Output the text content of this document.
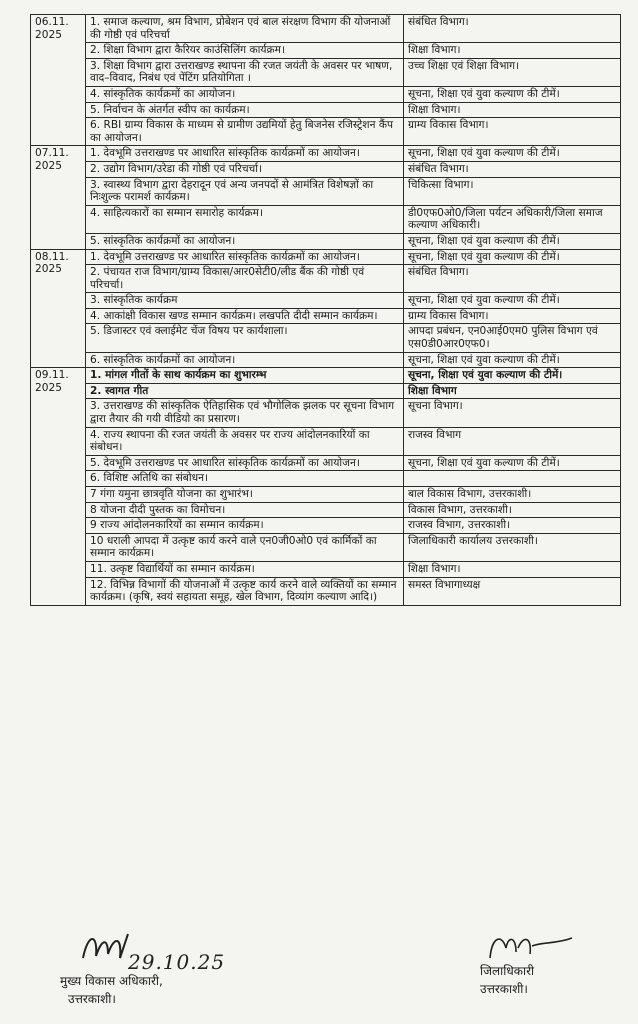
06.11.
2025	1. समाज कल्याण, श्रम विभाग, प्रोबेशन एवं बाल संरक्षण विभाग की योजनाओं की गोष्ठी एवं परिचर्चा	संबंधित विभाग।
	2. शिक्षा विभाग द्वारा कैरियर काउंसिलिंग कार्यक्रम।	शिक्षा विभाग।
	3. शिक्षा विभाग द्वारा उत्तराखण्ड स्थापना की रजत जयंती के अवसर पर भाषण, वाद–विवाद, निबंध एवं पेंटिंग प्रतियोगिता ।	उच्च शिक्षा एवं शिक्षा विभाग।
	4. सांस्कृतिक कार्यक्रमों का आयोजन।	सूचना, शिक्षा एवं युवा कल्याण की टीमें।
	5. निर्वाचन के अंतर्गत स्वीप का कार्यक्रम।	शिक्षा विभाग।
	6. RBI ग्राम्य विकास के माध्यम से ग्रामीण उद्यमियों हेतु बिजनेस रजिस्ट्रेशन कैंप का आयोजन।	ग्राम्य विकास विभाग।
07.11.
2025	1. देवभूमि उत्तराखण्ड पर आधारित सांस्कृतिक कार्यक्रमों का आयोजन।	सूचना, शिक्षा एवं युवा कल्याण की टीमें।
	2. उद्योग विभाग/उरेडा की गोष्ठी एवं परिचर्चा।	संबंधित विभाग।
	3. स्वास्थ्य विभाग द्वारा देहरादून एवं अन्य जनपदों से आमंत्रित विशेषज्ञों का निःशुल्क परामर्श कार्यक्रम।	चिकित्सा विभाग।
	4. साहित्यकारों का सम्मान समारोह कार्यक्रम।	डी0एफ0ओ0/जिला पर्यटन अधिकारी/जिला समाज कल्याण अधिकारी।
	5. सांस्कृतिक कार्यक्रमों का आयोजन।	सूचना, शिक्षा एवं युवा कल्याण की टीमें।
08.11.
2025	1. देवभूमि उत्तराखण्ड पर आधारित सांस्कृतिक कार्यक्रमों का आयोजन।	सूचना, शिक्षा एवं युवा कल्याण की टीमें।
	2. पंचायत राज विभाग/ग्राम्य विकास/आर0सेटी0/लीड बैंक की गोष्ठी एवं परिचर्चा।	संबंधित विभाग।
	3. सांस्कृतिक कार्यक्रम	सूचना, शिक्षा एवं युवा कल्याण की टीमें।
	4. आकांक्षी विकास खण्ड सम्मान कार्यक्रम। लखपति दीदी सम्मान कार्यक्रम।	ग्राम्य विकास विभाग।
	5. डिजास्टर एवं क्लाईमेट चेंज विषय पर कार्यशाला।	आपदा प्रबंधन, एन0आई0एम0 पुलिस विभाग एवं एस0डी0आर0एफ0।
	6. सांस्कृतिक कार्यक्रमों का आयोजन।	सूचना, शिक्षा एवं युवा कल्याण की टीमें।
09.11.
2025	1. मांगल गीतों के साथ कार्यक्रम का शुभारम्भ	सूचना, शिक्षा एवं युवा कल्याण की टीमें।
	2. स्वागत गीत	शिक्षा विभाग
	3. उत्तराखण्ड की सांस्कृतिक ऐतिहासिक एवं भौगोलिक झलक पर सूचना विभाग द्वारा तैयार की गयी वीडियो का प्रसारण।	सूचना विभाग।
	4. राज्य स्थापना की रजत जयंती के अवसर पर राज्य आंदोलनकारियों का संबोधन।	राजस्व विभाग
	5. देवभूमि उत्तराखण्ड पर आधारित सांस्कृतिक कार्यक्रमों का आयोजन।	सूचना, शिक्षा एवं युवा कल्याण की टीमें।
	6. विशिष्ट अतिथि का संबोधन।	
	7 गंगा यमुना छात्रवृति योजना का शुभारंभ।	बाल विकास विभाग, उत्तरकाशी।
	8 योजना दीदी पुस्तक का विमोचन।	विकास विभाग, उत्तरकाशी।
	9 राज्य आंदोलनकारियों का सम्मान कार्यक्रम।	राजस्व विभाग, उत्तरकाशी।
	10 धराली आपदा में उत्कृष्ट कार्य करने वाले एन0जी0ओ0 एवं कार्मिकों का सम्मान कार्यक्रम।	जिलाधिकारी कार्यालय उत्तरकाशी।
	11. उत्कृष्ट विद्यार्थियों का सम्मान कार्यक्रम।	शिक्षा विभाग।
	12. विभिन्न विभागों की योजनाओं में उत्कृष्ट कार्य करने वाले व्यक्तियों का सम्मान कार्यक्रम। (कृषि, स्वयं सहायता समूह, खेल विभाग, दिव्यांग कल्याण आदि।)	समस्त विभागाध्यक्ष
29.10.25
मुख्य विकास अधिकारी,
उत्तरकाशी।
जिलाधिकारी
उत्तरकाशी।
